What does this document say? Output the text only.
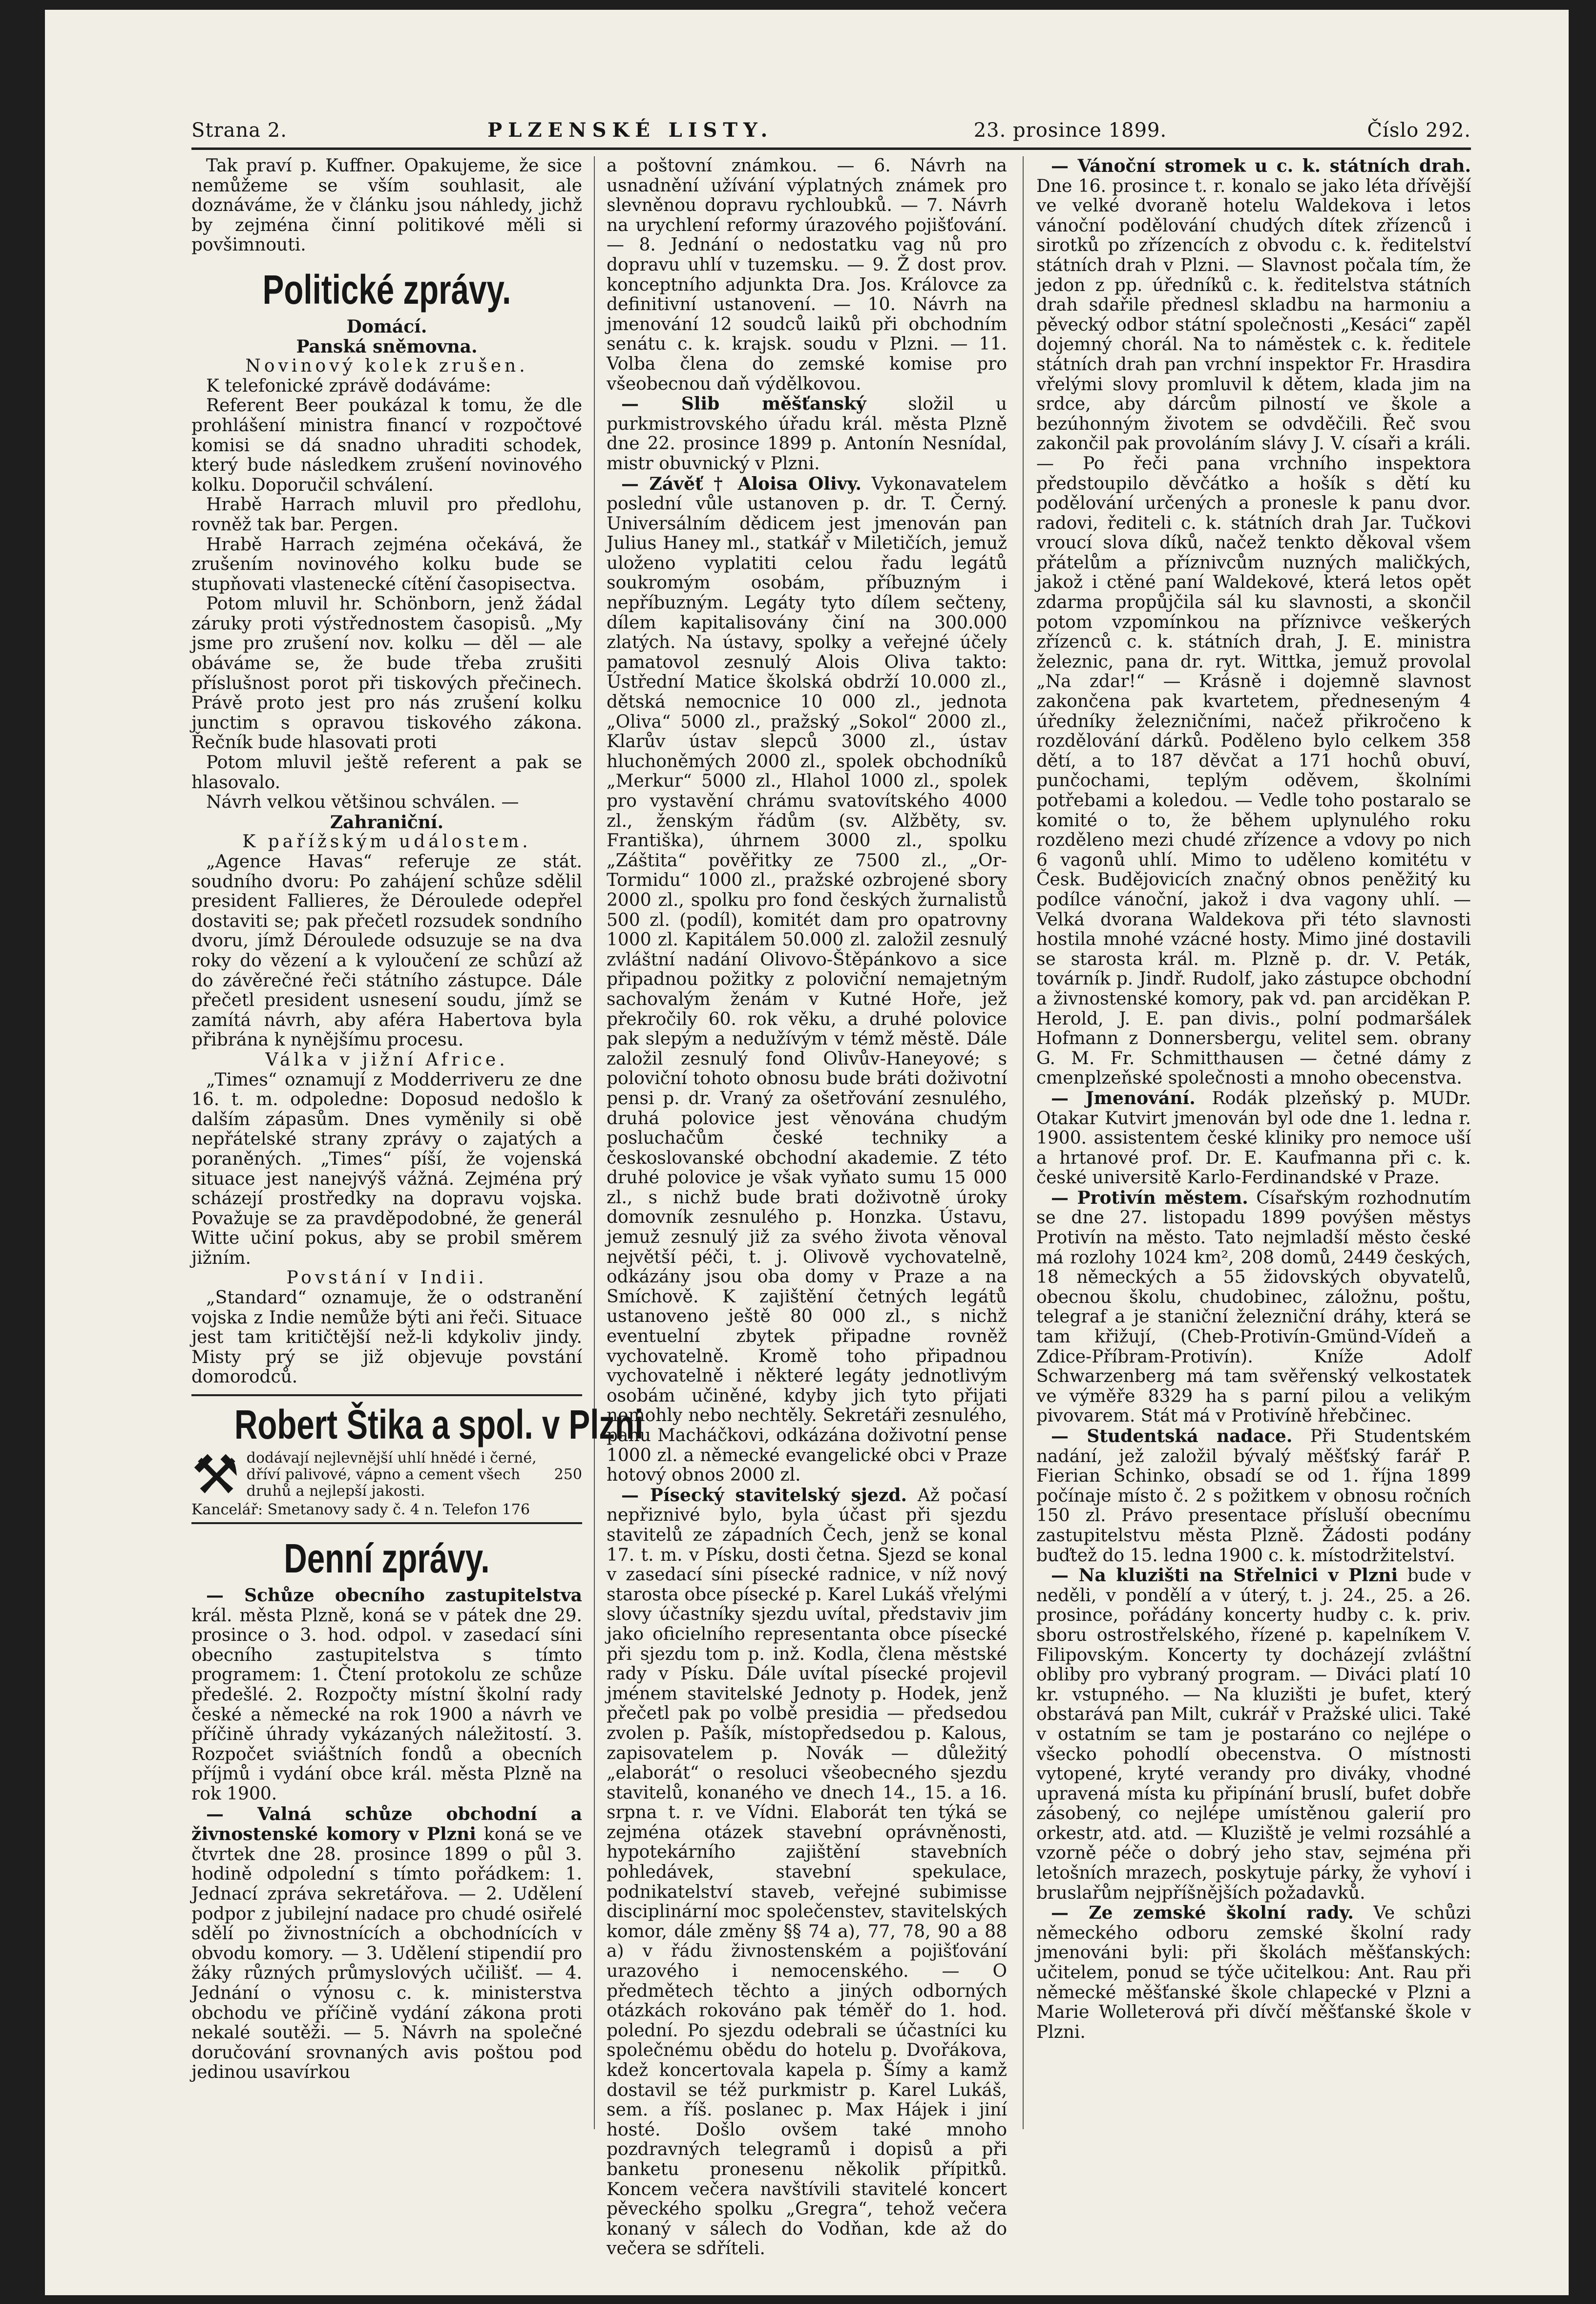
Strana 2.	PLZENSKÉ LISTY.	23. prosince 1899.	Číslo 292.

Tak praví p. Kuffner. Opakujeme, že sice nemůžeme se vším souhlasit, ale doznáváme, že v článku jsou náhledy, jichž by zejména činní politikové měli si povšimnouti.

Politické zprávy.

Domácí.

Panská sněmovna.

Novinový kolek zrušen.

K telefonické zprávě dodáváme:

Referent Beer poukázal k tomu, že dle prohlášení ministra financí v rozpočtové komisi se dá snadno uhraditi schodek, který bude následkem zrušení novinového kolku. Doporučil schválení.

Hrabě Harrach mluvil pro předlohu, rovněž tak bar. Pergen.

Hrabě Harrach zejména očekává, že zrušením novinového kolku bude se stupňovati vlastenecké cítění časopisectva.

Potom mluvil hr. Schönborn, jenž žádal záruky proti výstřednostem časopisů. „My jsme pro zrušení nov. kolku — děl — ale obáváme se, že bude třeba zrušiti příslušnost porot při tiskových přečinech. Právě proto jest pro nás zrušení kolku junctim s opravou tiskového zákona. Řečník bude hlasovati proti

Potom mluvil ještě referent a pak se hlasovalo.

Návrh velkou většinou schválen. —

Zahraniční.

K pařížským událostem.

„Agence Havas“ referuje ze stát. soudního dvoru: Po zahájení schůze sdělil president Fallieres, že Déroulede odepřel dostaviti se; pak přečetl rozsudek sondního dvoru, jímž Déroulede odsuzuje se na dva roky do vězení a k vyloučení ze schůzí až do závěrečné řeči státního zástupce. Dále přečetl president usnesení soudu, jímž se zamítá návrh, aby aféra Habertova byla přibrána k nynějšímu procesu.

Válka v jižní Africe.

„Times“ oznamují z Modderriveru ze dne 16. t. m. odpoledne: Doposud nedošlo k dalším zápasům. Dnes vyměnily si obě nepřátelské strany zprávy o zajatých a poraněných. „Times“ píší, že vojenská situace jest nanejvýš vážná. Zejména prý scházejí prostředky na dopravu vojska. Považuje se za pravděpodobné, že generál Witte učiní pokus, aby se probil směrem jižním.

Povstání v Indii.

„Standard“ oznamuje, že o odstranění vojska z Indie nemůže býti ani řeči. Situace jest tam kritičtější než-li kdykoliv jindy. Misty prý se již objevuje povstání domorodců.

Robert Štika a spol. v Plzni
⚒ dodávají nejlevnější uhlí hnědé i černé, dříví palivové, vápno a cement všech druhů a nejlepší jakosti.
250
Kancelář: Smetanovy sady č. 4 n. Telefon 176
Denní zprávy.

— Schůze obecního zastupitelstva král. města Plzně, koná se v pátek dne 29. prosince o 3. hod. odpol. v zasedací síni obecního zastupitelstva s tímto programem: 1. Čtení protokolu ze schůze předešlé. 2. Rozpočty místní školní rady české a německé na rok 1900 a návrh ve příčině úhrady vykázaných náležitostí. 3. Rozpočet sviáštních fondů a obecních příjmů i vydání obce král. města Plzně na rok 1900.

— Valná schůze obchodní a živnostenské komory v Plzni koná se ve čtvrtek dne 28. prosince 1899 o půl 3. hodině odpolední s tímto pořádkem: 1. Jednací zpráva sekretářova. — 2. Udělení podpor z jubilejní nadace pro chudé osiřelé sdělí po živnostnících a obchodnících v obvodu komory. — 3. Udělení stipendií pro žáky různých průmyslových učilišť. — 4. Jednání o výnosu c. k. ministerstva obchodu ve příčině vydání zákona proti nekalé soutěži. — 5. Návrh na společné doručování srovnaných avis poštou pod jedinou usavírkou

a poštovní známkou. — 6. Návrh na usnadnění užívání výplatných známek pro slevněnou dopravu rychloubků. — 7. Návrh na urychlení reformy úrazového pojišťování. — 8. Jednání o nedostatku vag nů pro dopravu uhlí v tuzemsku. — 9. Ž dost prov. konceptního adjunkta Dra. Jos. Královce za definitivní ustanovení. — 10. Návrh na jmenování 12 soudců laiků při obchodním senátu c. k. krajsk. soudu v Plzni. — 11. Volba člena do zemské komise pro všeobecnou daň výdělkovou.

— Slib měšťanský složil u purkmistrovského úřadu král. města Plzně dne 22. prosince 1899 p. Antonín Nesnídal, mistr obuvnický v Plzni.

— Závěť † Aloisa Olivy. Vykonavatelem poslední vůle ustanoven p. dr. T. Černý. Universálním dědicem jest jmenován pan Julius Haney ml., statkář v Miletičích, jemuž uloženo vyplatiti celou řadu legátů soukromým osobám, příbuzným i nepříbuzným. Legáty tyto dílem sečteny, dílem kapitalisovány činí na 300.000 zlatých. Na ústavy, spolky a veřejné účely pamatovol zesnulý Alois Oliva takto: Ústřední Matice školská obdrží 10.000 zl., dětská nemocnice 10 000 zl., jednota „Oliva“ 5000 zl., pražský „Sokol“ 2000 zl., Klarův ústav slepců 3000 zl., ústav hluchoněmých 2000 zl., spolek obchodníků „Merkur“ 5000 zl., Hlahol 1000 zl., spolek pro vystavění chrámu svatovítského 4000 zl., ženským řádům (sv. Alžběty, sv. Františka), úhrnem 3000 zl., spolku „Záštita“ pověřitky ze 7500 zl., „Or-Tormidu“ 1000 zl., pražské ozbrojené sbory 2000 zl., spolku pro fond českých žurnalistů 500 zl. (podíl), komitét dam pro opatrovny 1000 zl. Kapitálem 50.000 zl. založil zesnulý zvláštní nadání Olivovo-Štěpánkovo a sice připadnou požitky z poloviční nemajetným sachovalým ženám v Kutné Hoře, jež překročily 60. rok věku, a druhé polovice pak slepým a nedužívým v témž městě. Dále založil zesnulý fond Olivův-Haneyové; s poloviční tohoto obnosu bude bráti doživotní pensi p. dr. Vraný za ošetřování zesnulého, druhá polovice jest věnována chudým posluchačům české techniky a českoslovanské obchodní akademie. Z této druhé polovice je však vyňato sumu 15 000 zl., s nichž bude brati doživotně úroky domovník zesnulého p. Honzka. Ústavu, jemuž zesnulý již za svého života věnoval největší péči, t. j. Olivově vychovatelně, odkázány jsou oba domy v Praze a na Smíchově. K zajištění četných legátů ustanoveno ještě 80 000 zl., s nichž eventuelní zbytek připadne rovněž vychovatelně. Kromě toho připadnou vychovatelně i některé legáty jednotlivým osobám učiněné, kdyby jich tyto přijati nemohly nebo nechtěly. Sekretáři zesnulého, panu Macháčkovi, odkázána doživotní pense 1000 zl. a německé evangelické obci v Praze hotový obnos 2000 zl.

— Písecký stavitelský sjezd. Až počasí nepřiznivé bylo, byla účast při sjezdu stavitelů ze západních Čech, jenž se konal 17. t. m. v Písku, dosti četna. Sjezd se konal v zasedací síni písecké radnice, v níž nový starosta obce písecké p. Karel Lukáš vřelými slovy účastníky sjezdu uvítal, představiv jim jako oficielního representanta obce písecké při sjezdu tom p. inž. Kodla, člena městské rady v Písku. Dále uvítal písecké projevil jménem stavitelské Jednoty p. Hodek, jenž přečetl pak po volbě presidia — předsedou zvolen p. Pašík, místopředsedou p. Kalous, zapisovatelem p. Novák — důležitý „elaborát“ o resoluci všeobecného sjezdu stavitelů, konaného ve dnech 14., 15. a 16. srpna t. r. ve Vídni. Elaborát ten týká se zejména otázek stavební oprávněnosti, hypotekárního zajištění stavebních pohledávek, stavební spekulace, podnikatelství staveb, veřejné subimisse disciplinární moc společenstev, stavitelských komor, dále změny §§ 74 a), 77, 78, 90 a 88 a) v řádu živnostenském a pojišťování urazového i nemocenského. — O předmětech těchto a jiných odborných otázkách rokováno pak téměř do 1. hod. polední. Po sjezdu odebrali se účastníci ku společnému obědu do hotelu p. Dvořákova, kdež koncertovala kapela p. Šímy a kamž dostavil se též purkmistr p. Karel Lukáš, sem. a říš. poslanec p. Max Hájek i jiní hosté. Došlo ovšem také mnoho pozdravných telegramů i dopisů a při banketu pronesenu několik přípitků. Koncem večera navštívili stavitelé koncert pěveckého spolku „Gregra“, tehož večera konaný v sálech do Vodňan, kde až do večera se sdříteli.

— Vánoční stromek u c. k. státních drah. Dne 16. prosince t. r. konalo se jako léta dřívější ve velké dvoraně hotelu Waldekova i letos vánoční podělování chudých dítek zřízenců i sirotků po zřízencích z obvodu c. k. ředitelství státních drah v Plzni. — Slavnost počala tím, že jedon z pp. úředníků c. k. ředitelstva státních drah sdařile přednesl skladbu na harmoniu a pěvecký odbor státní společnosti „Kesáci“ zapěl dojemný chorál. Na to náměstek c. k. ředitele státních drah pan vrchní inspektor Fr. Hrasdira vřelými slovy promluvil k dětem, klada jim na srdce, aby dárcům pilností ve škole a bezúhonným životem se odvděčili. Řeč svou zakončil pak provoláním slávy J. V. císaři a králi. — Po řeči pana vrchního inspektora předstoupilo děvčátko a hošík s dětí ku podělování určených a pronesle k panu dvor. radovi, řediteli c. k. státních drah Jar. Tučkovi vroucí slova díků, načež tenkto děkoval všem přátelům a příznivcům nuzných maličkých, jakož i ctěné paní Waldekové, která letos opět zdarma propůjčila sál ku slavnosti, a skončil potom vzpomínkou na příznivce veškerých zřízenců c. k. státních drah, J. E. ministra železnic, pana dr. ryt. Wittka, jemuž provolal „Na zdar!“ — Krásně i dojemně slavnost zakončena pak kvartetem, předneseným 4 úředníky železničními, načež přikročeno k rozdělování dárků. Poděleno bylo celkem 358 dětí, a to 187 děvčat a 171 hochů obuví, punčochami, teplým oděvem, školními potřebami a koledou. — Vedle toho postaralo se komité o to, že během uplynulého roku rozděleno mezi chudé zřízence a vdovy po nich 6 vagonů uhlí. Mimo to uděleno komitétu v Česk. Budějovicích značný obnos peněžitý ku podílce vánoční, jakož i dva vagony uhlí. — Velká dvorana Waldekova při této slavnosti hostila mnohé vzácné hosty. Mimo jiné dostavili se starosta král. m. Plzně p. dr. V. Peták, továrník p. Jindř. Rudolf, jako zástupce obchodní a živnostenské komory, pak vd. pan arciděkan P. Herold, J. E. pan divis., polní podmaršálek Hofmann z Donnersbergu, velitel sem. obrany G. M. Fr. Schmitthausen — četné dámy z cmenplzeňské společnosti a mnoho obecenstva.

— Jmenování. Rodák plzeňský p. MUDr. Otakar Kutvirt jmenován byl ode dne 1. ledna r. 1900. assistentem české kliniky pro nemoce uší a hrtanové prof. Dr. E. Kaufmanna při c. k. české universitě Karlo-Ferdinandské v Praze.

— Protivín městem. Císařským rozhodnutím se dne 27. listopadu 1899 povýšen městys Protivín na město. Tato nejmladší město české má rozlohy 1024 km², 208 domů, 2449 českých, 18 německých a 55 židovských obyvatelů, obecnou školu, chudobinec, záložnu, poštu, telegraf a je staniční železniční dráhy, která se tam křižují, (Cheb-Protivín-Gmünd-Vídeň a Zdice-Příbram-Protivín). Kníže Adolf Schwarzenberg má tam svěřenský velkostatek ve výměře 8329 ha s parní pilou a velikým pivovarem. Stát má v Protivíně hřebčinec.

— Studentská nadace. Při Studentském nadání, jež založil bývalý měšťský farář P. Fierian Schinko, obsadí se od 1. října 1899 počínaje místo č. 2 s požitkem v obnosu ročních 150 zl. Právo presentace přísluší obecnímu zastupitelstvu města Plzně. Žádosti podány buďtež do 15. ledna 1900 c. k. místodržitelství.

— Na kluzišti na Střelnici v Plzni bude v neděli, v pondělí a v úterý, t. j. 24., 25. a 26. prosince, pořádány koncerty hudby c. k. priv. sboru ostrostřelského, řízené p. kapelníkem V. Filipovským. Koncerty ty docházejí zvláštní obliby pro vybraný program. — Diváci platí 10 kr. vstupného. — Na kluzišti je bufet, který obstarává pan Milt, cukrář v Pražské ulici. Také v ostatním se tam je postaráno co nejlépe o všecko pohodlí obecenstva. O místnosti vytopené, kryté verandy pro diváky, vhodné upravená místa ku připínání bruslí, bufet dobře zásobený, co nejlépe umístěnou galerií pro orkestr, atd. atd. — Kluziště je velmi rozsáhlé a vzorně péče o dobrý jeho stav, sejména při letošních mrazech, poskytuje párky, že vyhoví i bruslařům nejpříšnějších požadavků.

— Ze zemské školní rady. Ve schůzi německého odboru zemské školní rady jmenováni byli: při školách měšťanských: učitelem, ponud se týče učitelkou: Ant. Rau při německé měšťanské škole chlapecké v Plzni a Marie Wolleterová při dívčí měšťanské škole v Plzni.
